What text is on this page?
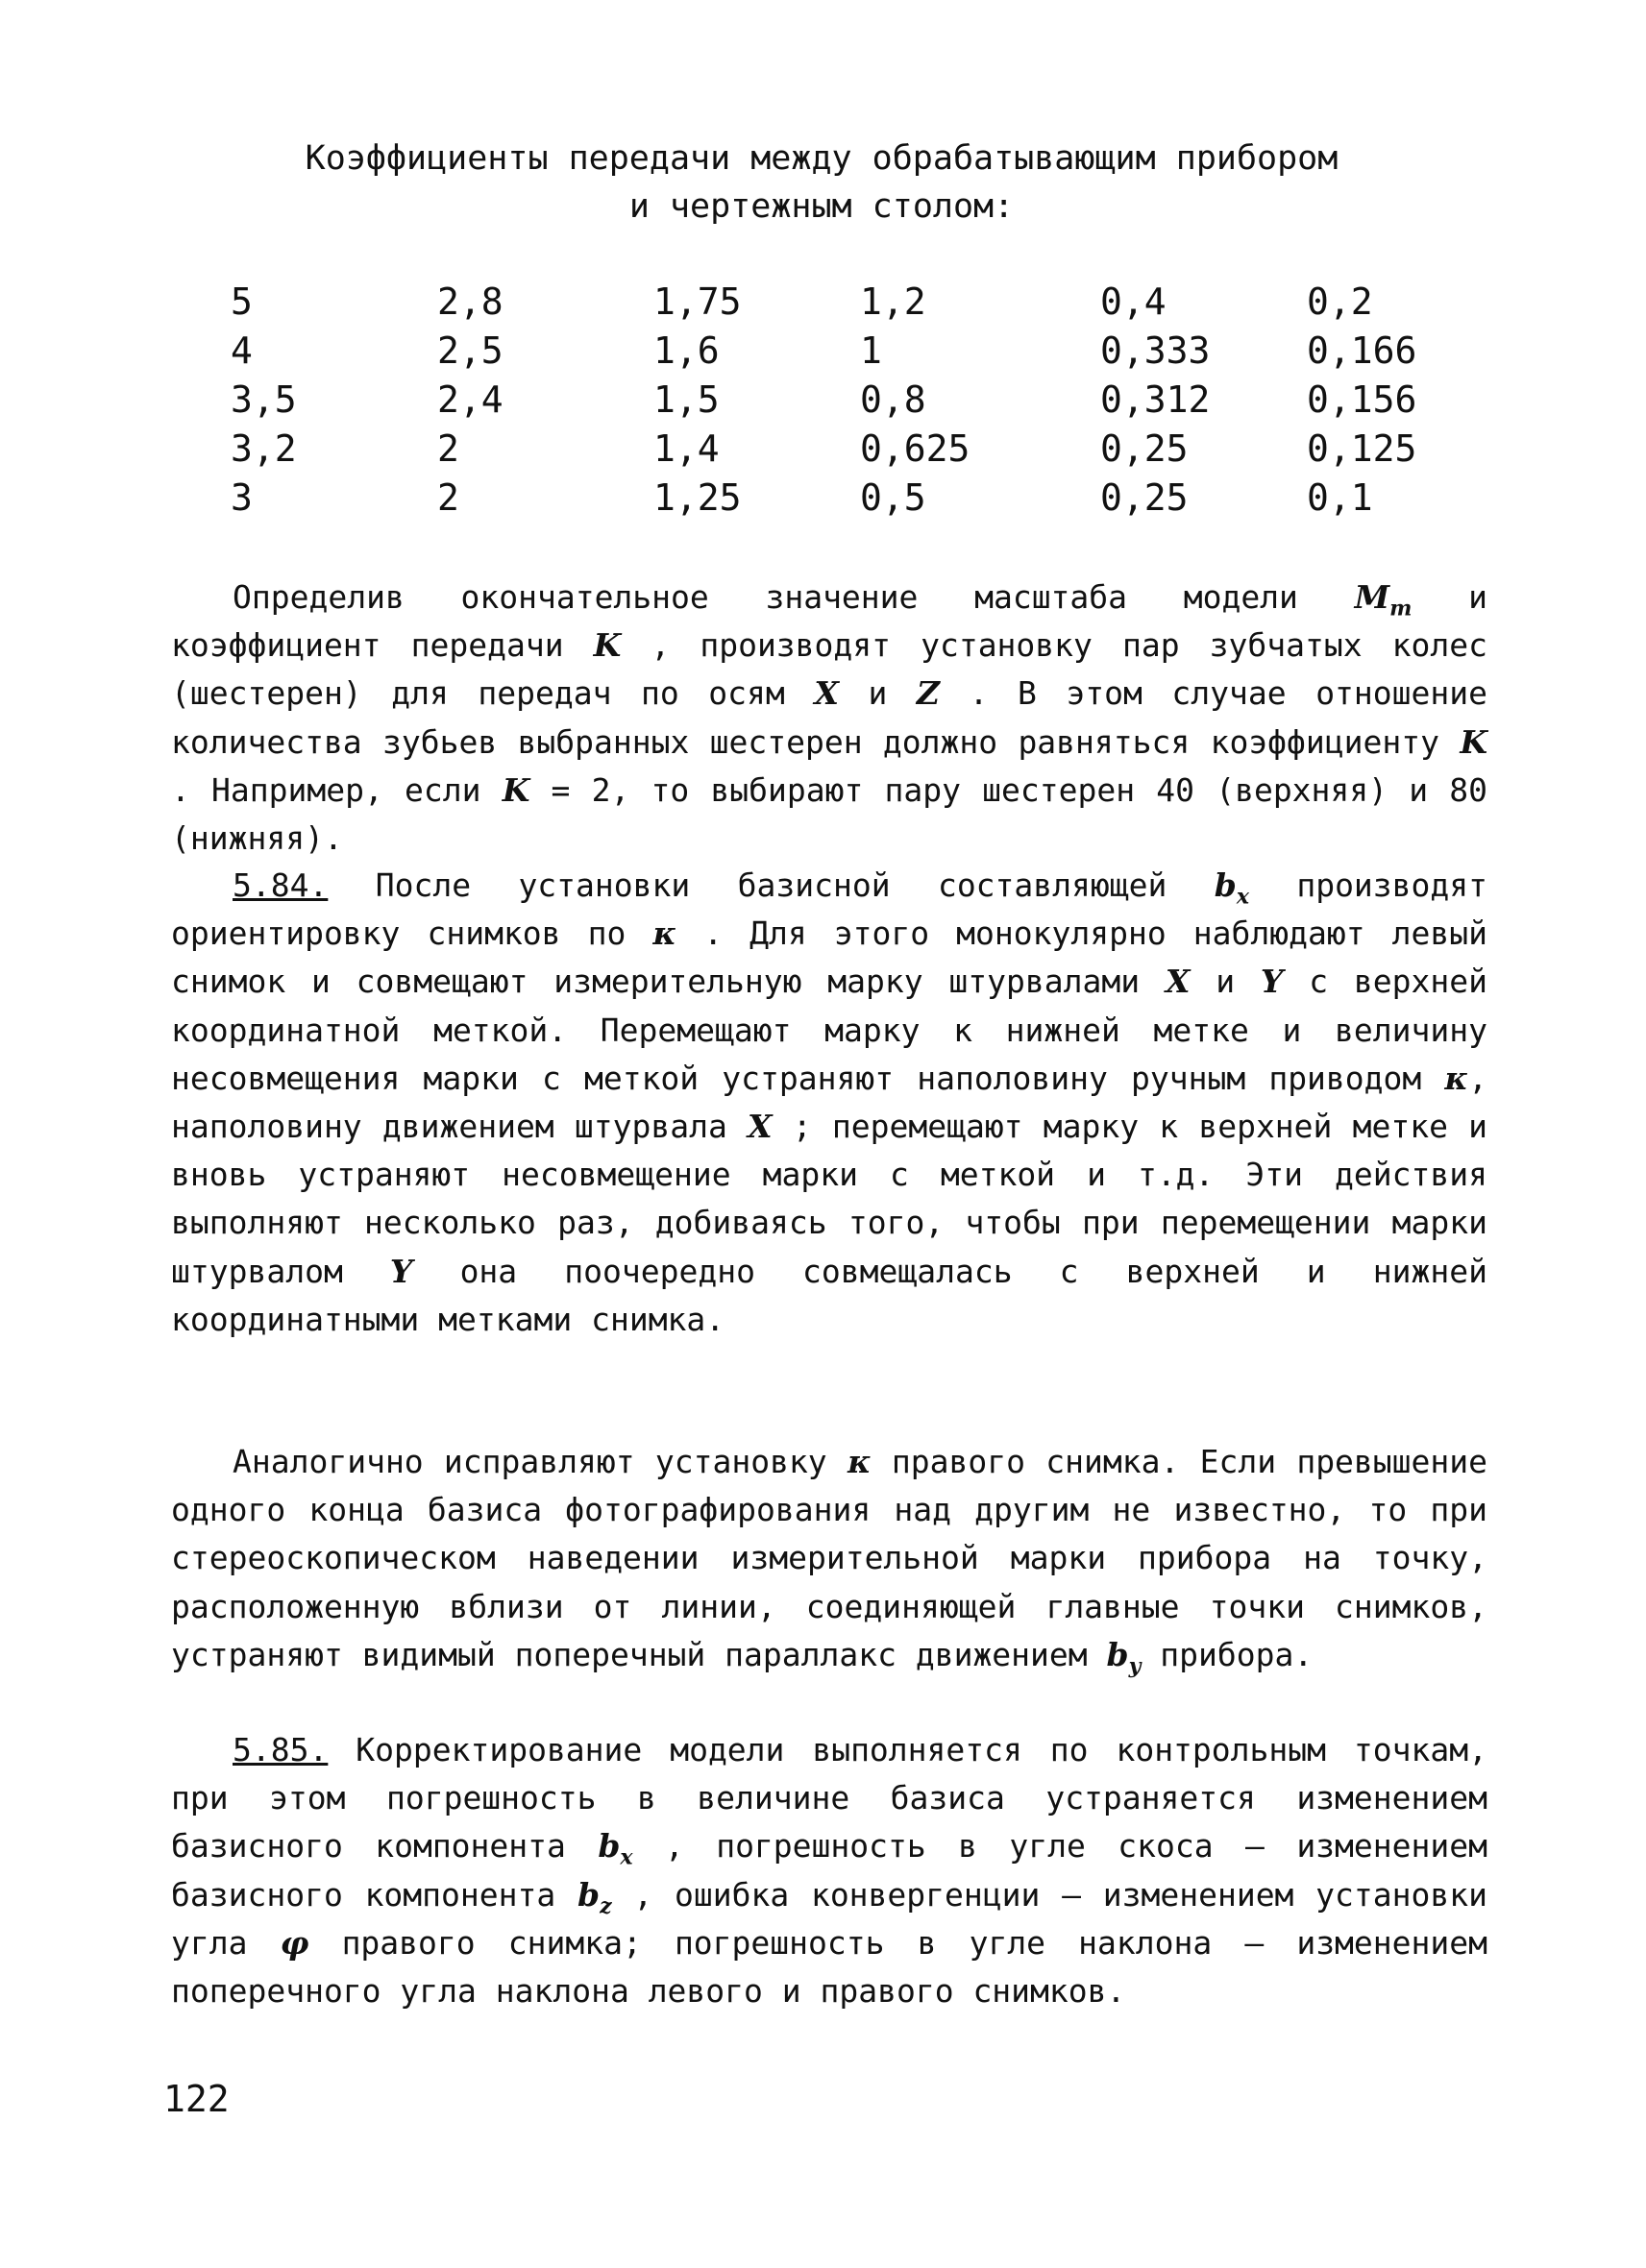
Коэффициенты передачи между обрабатывающим прибором
и чертежным столом:
5	2,8	1,75	1,2	0,4	0,2
4	2,5	1,6	1	0,333	0,166
3,5	2,4	1,5	0,8	0,312	0,156
3,2	2	1,4	0,625	0,25	0,125
3	2	1,25	0,5	0,25	0,1

Определив окончательное значение масштаба модели $M_m$ и коэффициент передачи K , производят установку пар зубчатых колес (шестерен) для передач по осям X и Z . В этом случае отношение количества зубьев выбранных шестерен должно равняться коэффициенту K . Например, если K = 2, то выбирают пару шестерен 40 (верхняя) и 80 (нижняя).

5.84. После установки базисной составляющей $b_x$ производят ориентировку снимков по κ . Для этого монокулярно наблюдают левый снимок и совмещают измерительную марку штурвалами X и Y с верхней координатной меткой. Перемещают марку к нижней метке и величину несовмещения марки с меткой устраняют наполовину ручным приводом κ, наполовину движением штурвала X ; перемещают марку к верхней метке и вновь устраняют несовмещение марки с меткой и т.д. Эти действия выполняют несколько раз, добиваясь того, чтобы при перемещении марки штурвалом Y она поочередно совмещалась с верхней и нижней координатными метками снимка.

Аналогично исправляют установку κ правого снимка. Если превышение одного конца базиса фотографирования над другим не известно, то при стереоскопическом наведении измерительной марки прибора на точку, расположенную вблизи от линии, соединяющей главные точки снимков, устраняют видимый поперечный параллакс движением $b_y$ прибора.

5.85. Корректирование модели выполняется по контрольным точкам, при этом погрешность в величине базиса устраняется изменением базисного компонента $b_x$ , погрешность в угле скоса – изменением базисного компонента $b_z$ , ошибка конвергенции – изменением установки угла φ правого снимка; погрешность в угле наклона – изменением поперечного угла наклона левого и правого снимков.

122
